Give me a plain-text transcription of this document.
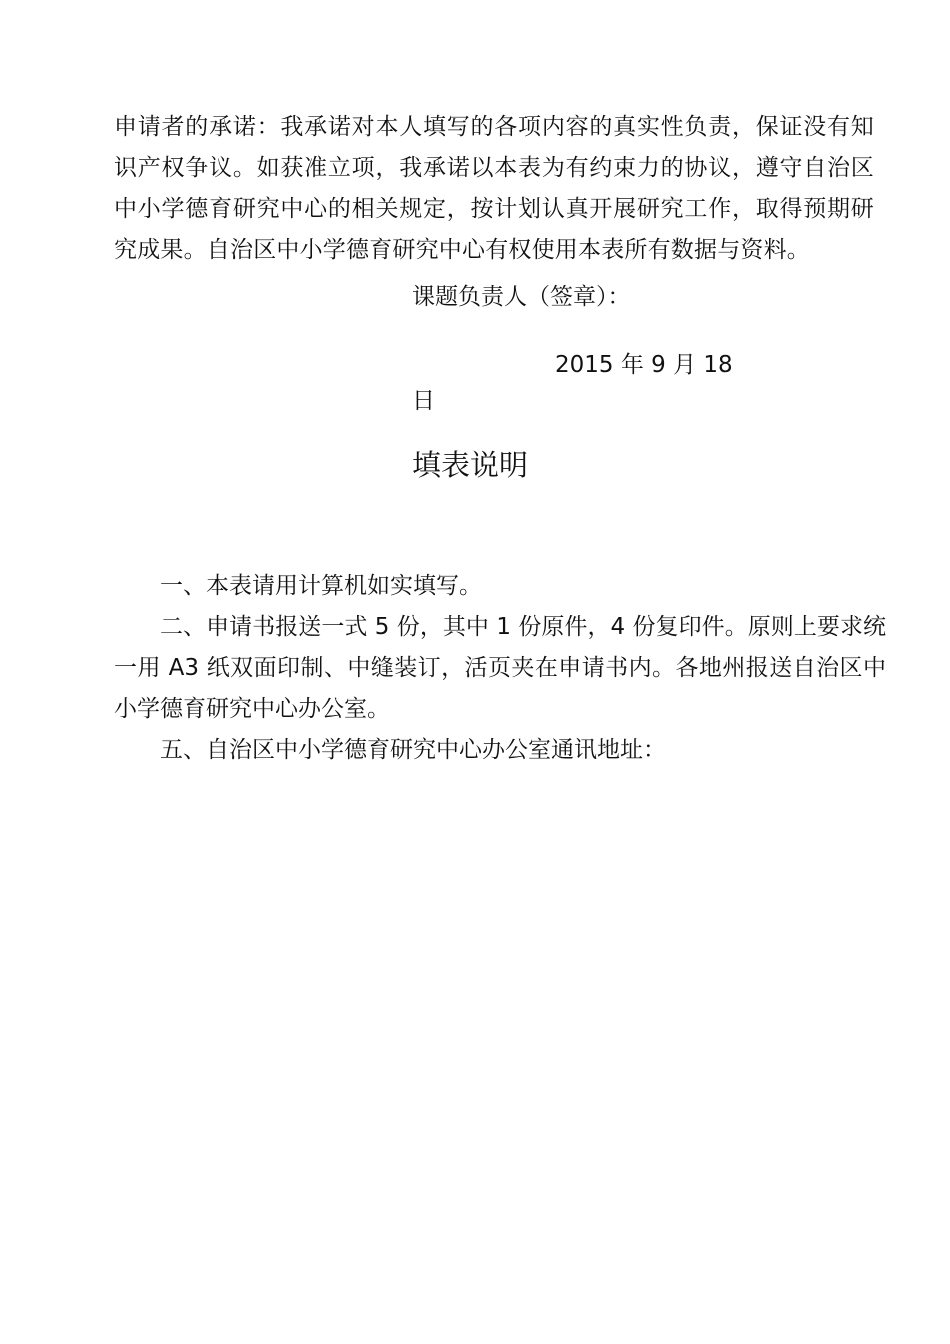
申请者的承诺：我承诺对本人填写的各项内容的真实性负责，保证没有知识产权争议。如获准立项，我承诺以本表为有约束力的协议，遵守自治区中小学德育研究中心的相关规定，按计划认真开展研究工作，取得预期研究成果。自治区中小学德育研究中心有权使用本表所有数据与资料。

课题负责人（签章）：
2015 年 9 月 18
日
填表说明

一、本表请用计算机如实填写。

二、申请书报送一式 5 份，其中 1 份原件，4 份复印件。原则上要求统一用 A3 纸双面印制、中缝装订，活页夹在申请书内。各地州报送自治区中小学德育研究中心办公室。

五、自治区中小学德育研究中心办公室通讯地址：
